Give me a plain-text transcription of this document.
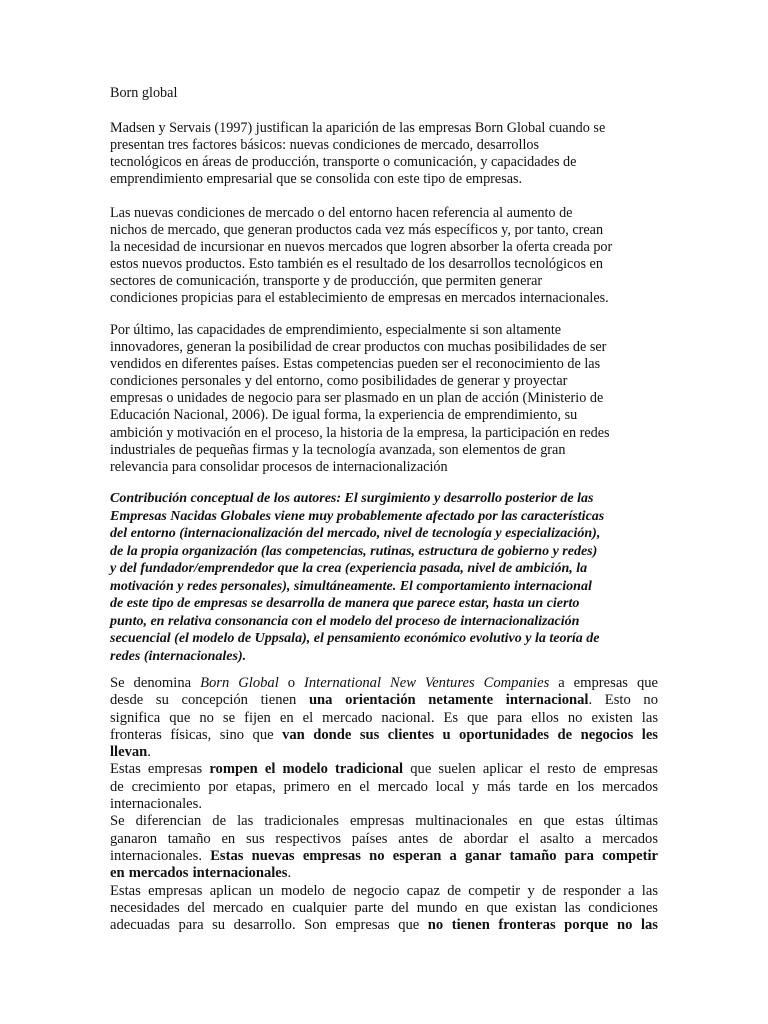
Born global

Madsen y Servais (1997) justifican la aparición de las empresas Born Global cuando se
presentan tres factores básicos: nuevas condiciones de mercado, desarrollos
tecnológicos en áreas de producción, transporte o comunicación, y capacidades de
emprendimiento empresarial que se consolida con este tipo de empresas.
Las nuevas condiciones de mercado o del entorno hacen referencia al aumento de
nichos de mercado, que generan productos cada vez más específicos y, por tanto, crean
la necesidad de incursionar en nuevos mercados que logren absorber la oferta creada por
estos nuevos productos. Esto también es el resultado de los desarrollos tecnológicos en
sectores de comunicación, transporte y de producción, que permiten generar
condiciones propicias para el establecimiento de empresas en mercados internacionales.
Por último, las capacidades de emprendimiento, especialmente si son altamente
innovadores, generan la posibilidad de crear productos con muchas posibilidades de ser
vendidos en diferentes países. Estas competencias pueden ser el reconocimiento de las
condiciones personales y del entorno, como posibilidades de generar y proyectar
empresas o unidades de negocio para ser plasmado en un plan de acción (Ministerio de
Educación Nacional, 2006). De igual forma, la experiencia de emprendimiento, su
ambición y motivación en el proceso, la historia de la empresa, la participación en redes
industriales de pequeñas firmas y la tecnología avanzada, son elementos de gran
relevancia para consolidar procesos de internacionalización
Contribución conceptual de los autores: El surgimiento y desarrollo posterior de las
Empresas Nacidas Globales viene muy probablemente afectado por las características
del entorno (internacionalización del mercado, nivel de tecnología y especialización),
de la propia organización (las competencias, rutinas, estructura de gobierno y redes)
y del fundador/emprendedor que la crea (experiencia pasada, nivel de ambición, la
motivación y redes personales), simultáneamente. El comportamiento internacional
de este tipo de empresas se desarrolla de manera que parece estar, hasta un cierto
punto, en relativa consonancia con el modelo del proceso de internacionalización
secuencial (el modelo de Uppsala), el pensamiento económico evolutivo y la teoría de
redes (internacionales).
Se denomina Born Global o International New Ventures Companies a empresas que
desde su concepción tienen una orientación netamente internacional. Esto no
significa que no se fijen en el mercado nacional. Es que para ellos no existen las
fronteras físicas, sino que van donde sus clientes u oportunidades de negocios les
llevan.
Estas empresas rompen el modelo tradicional que suelen aplicar el resto de empresas
de crecimiento por etapas, primero en el mercado local y más tarde en los mercados
internacionales.
Se diferencian de las tradicionales empresas multinacionales en que estas últimas
ganaron tamaño en sus respectivos países antes de abordar el asalto a mercados
internacionales. Estas nuevas empresas no esperan a ganar tamaño para competir
en mercados internacionales.
Estas empresas aplican un modelo de negocio capaz de competir y de responder a las
necesidades del mercado en cualquier parte del mundo en que existan las condiciones
adecuadas para su desarrollo. Son empresas que no tienen fronteras porque no las
